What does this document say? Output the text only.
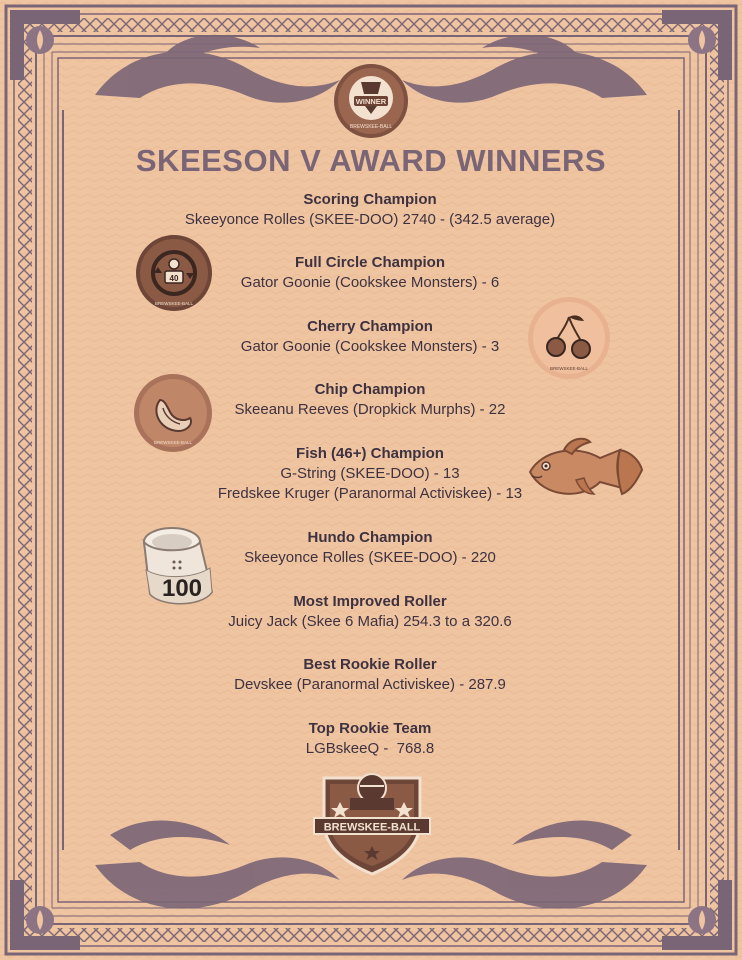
WINNER
BREWSKEE-BALL
SKEESON V AWARD WINNERS
Scoring Champion
Skeeyonce Rolles (SKEE-DOO) 2740 - (342.5 average)
Full Circle Champion
Gator Goonie (Cookskee Monsters) - 6
Cherry Champion
Gator Goonie (Cookskee Monsters) - 3
Chip Champion
Skeeanu Reeves (Dropkick Murphs) - 22
Fish (46+) Champion
G-String (SKEE-DOO) - 13
Fredskee Kruger (Paranormal Activiskee) - 13
Hundo Champion
Skeeyonce Rolles (SKEE-DOO) - 220
Most Improved Roller
Juicy Jack (Skee 6 Mafia) 254.3 to a 320.6
Best Rookie Roller
Devskee (Paranormal Activiskee) - 287.9
Top Rookie Team
LGBskeeQ -  768.8
40
BREWSKEE-BALL
BREWSKEE-BALL
BREWSKEE-BALL
100
BREWSKEE-BALL
